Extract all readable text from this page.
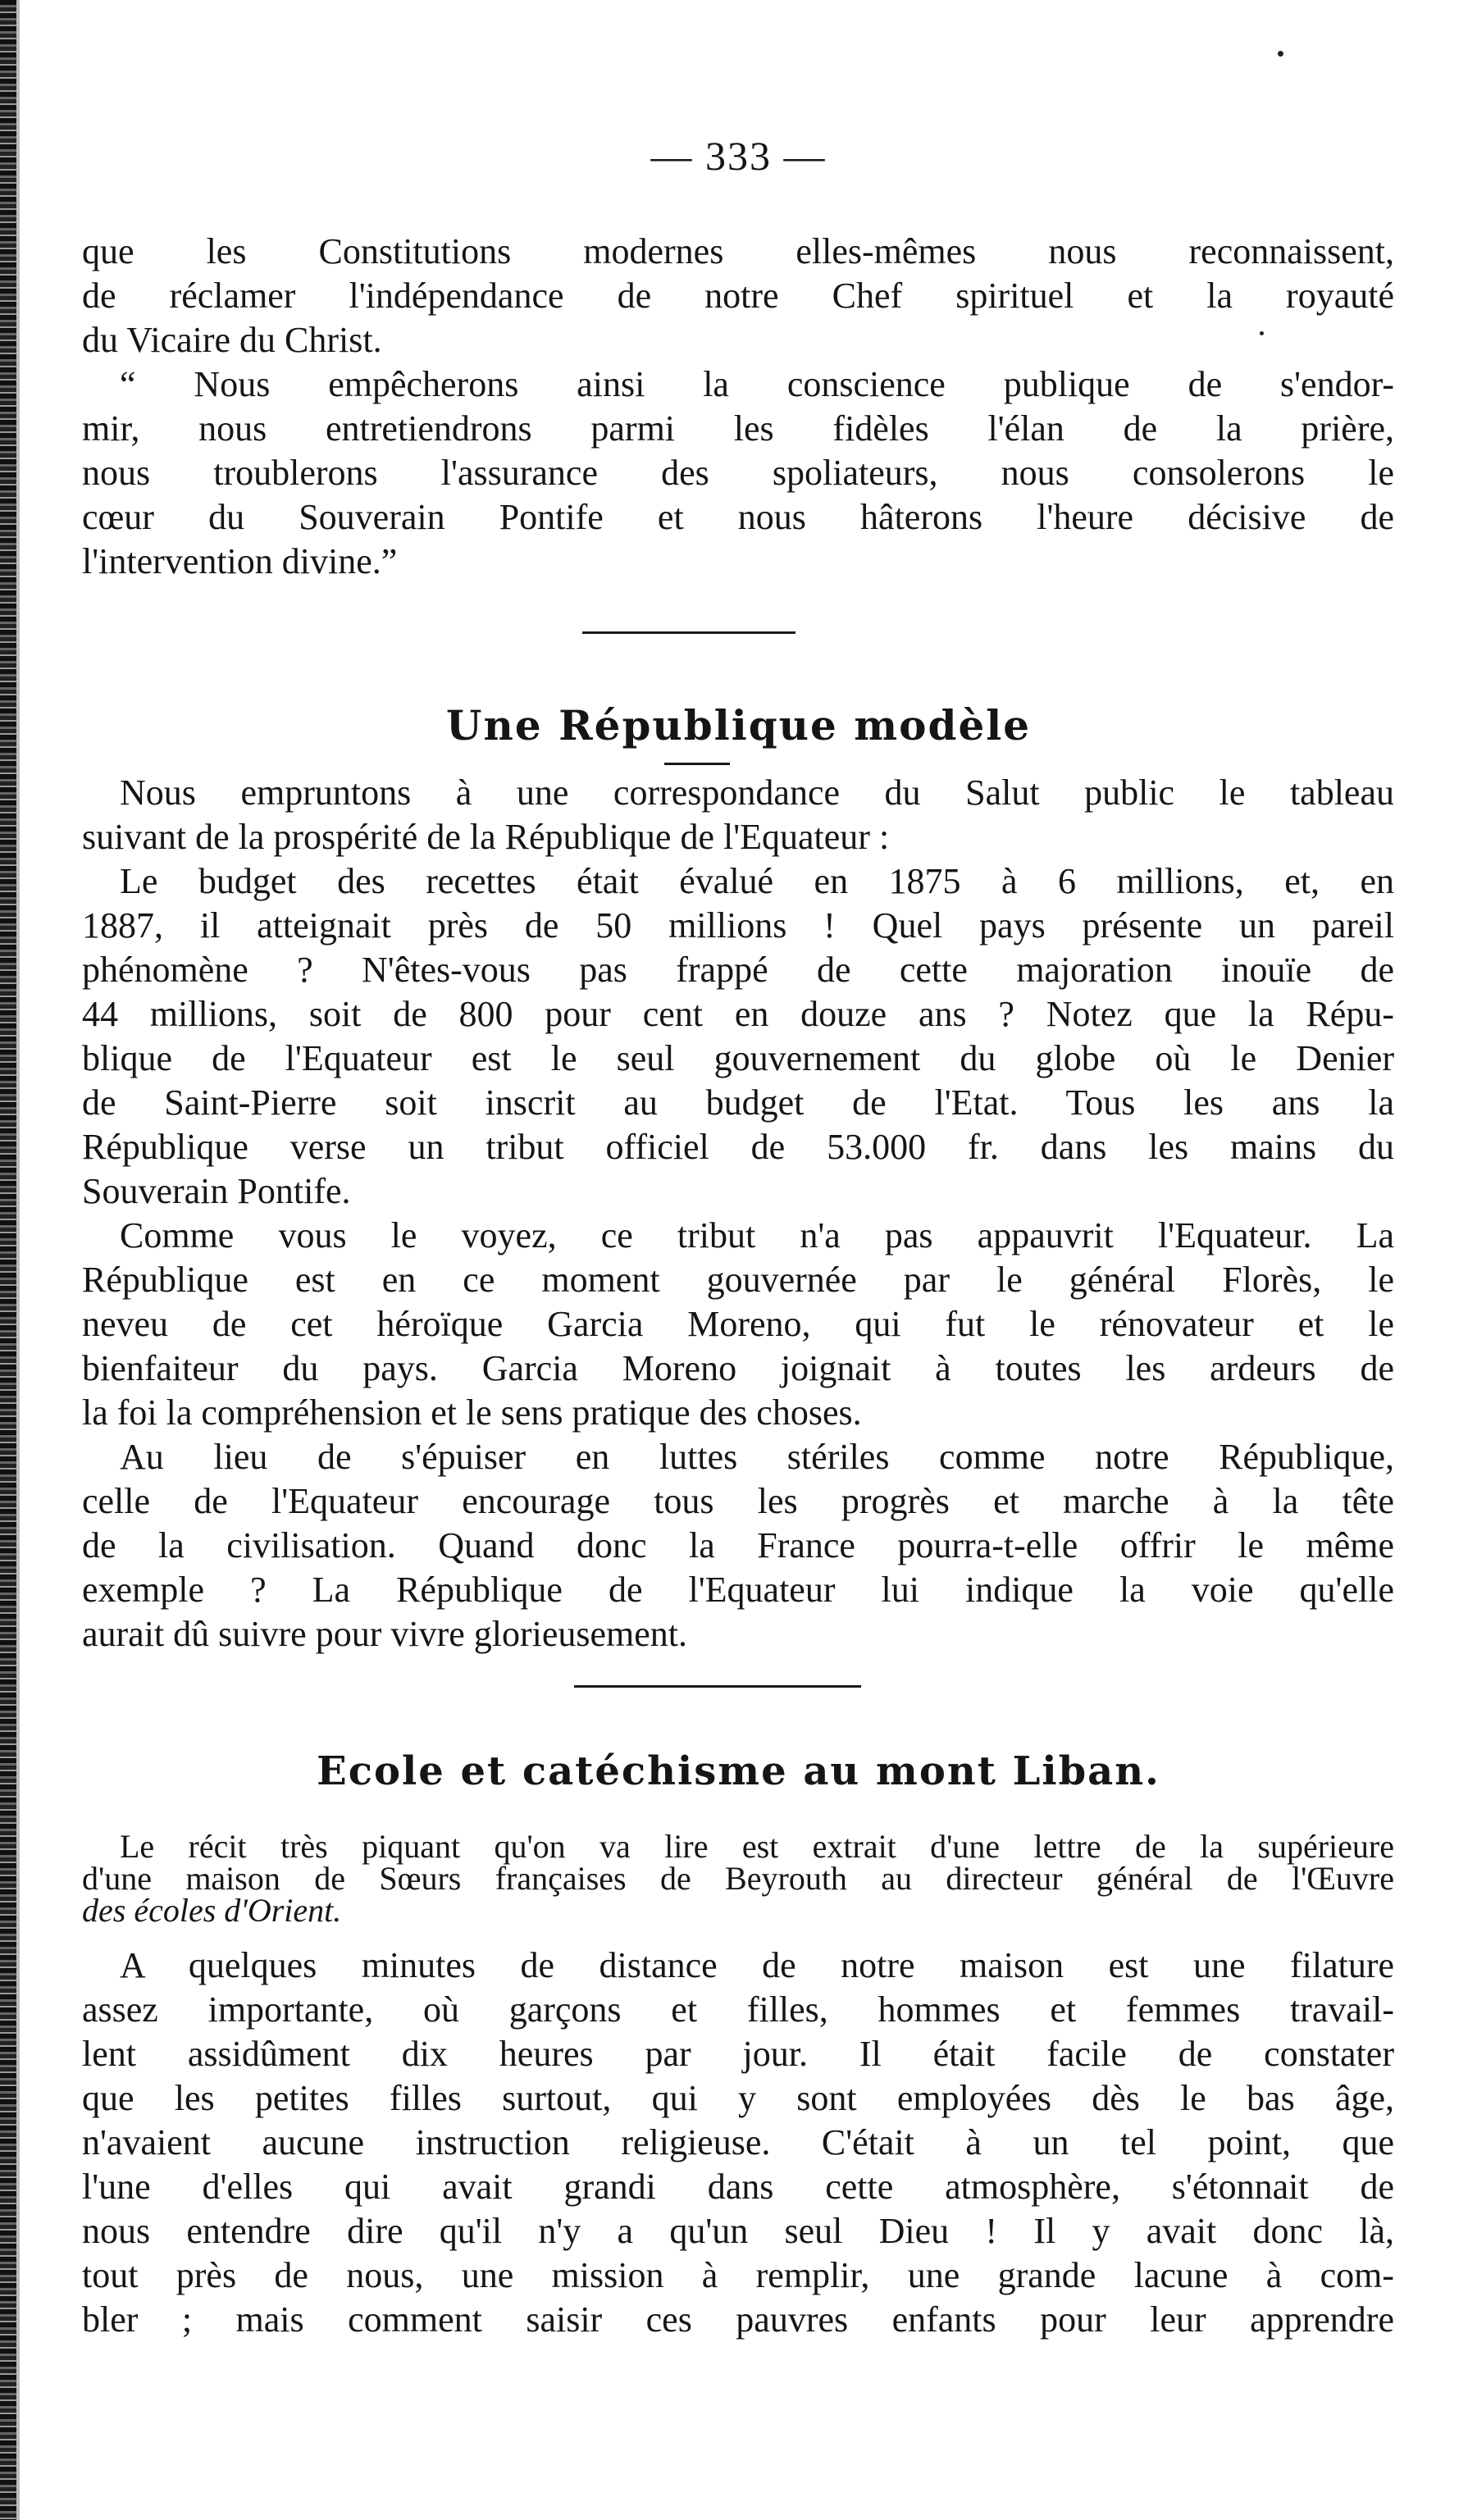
— 333 —
que les Constitutions modernes elles-mêmes nous reconnaissent,
de réclamer l'indépendance de notre Chef spirituel et la royauté
du Vicaire du Christ.
“ Nous empêcherons ainsi la conscience publique de s'endor-
mir, nous entretiendrons parmi les fidèles l'élan de la prière,
nous troublerons l'assurance des spoliateurs, nous consolerons le
cœur du Souverain Pontife et nous hâterons l'heure décisive de
l'intervention divine.”
Une République modèle
Nous empruntons à une correspondance du Salut public le tableau
suivant de la prospérité de la République de l'Equateur :
Le budget des recettes était évalué en 1875 à 6 millions, et, en
1887, il atteignait près de 50 millions ! Quel pays présente un pareil
phénomène ? N'êtes-vous pas frappé de cette majoration inouïe de
44 millions, soit de 800 pour cent en douze ans ? Notez que la Répu-
blique de l'Equateur est le seul gouvernement du globe où le Denier
de Saint-Pierre soit inscrit au budget de l'Etat. Tous les ans la
République verse un tribut officiel de 53.000 fr. dans les mains du
Souverain Pontife.
Comme vous le voyez, ce tribut n'a pas appauvrit l'Equateur. La
République est en ce moment gouvernée par le général Florès, le
neveu de cet héroïque Garcia Moreno, qui fut le rénovateur et le
bienfaiteur du pays. Garcia Moreno joignait à toutes les ardeurs de
la foi la compréhension et le sens pratique des choses.
Au lieu de s'épuiser en luttes stériles comme notre République,
celle de l'Equateur encourage tous les progrès et marche à la tête
de la civilisation. Quand donc la France pourra-t-elle offrir le même
exemple ? La République de l'Equateur lui indique la voie qu'elle
aurait dû suivre pour vivre glorieusement.
Ecole et catéchisme au mont Liban.
Le récit très piquant qu'on va lire est extrait d'une lettre de la supérieure
d'une maison de Sœurs françaises de Beyrouth au directeur général de l'Œuvre
des écoles d'Orient.
A quelques minutes de distance de notre maison est une filature
assez importante, où garçons et filles, hommes et femmes travail-
lent assidûment dix heures par jour. Il était facile de constater
que les petites filles surtout, qui y sont employées dès le bas âge,
n'avaient aucune instruction religieuse. C'était à un tel point, que
l'une d'elles qui avait grandi dans cette atmosphère, s'étonnait de
nous entendre dire qu'il n'y a qu'un seul Dieu ! Il y avait donc là,
tout près de nous, une mission à remplir, une grande lacune à com-
bler ; mais comment saisir ces pauvres enfants pour leur apprendre
